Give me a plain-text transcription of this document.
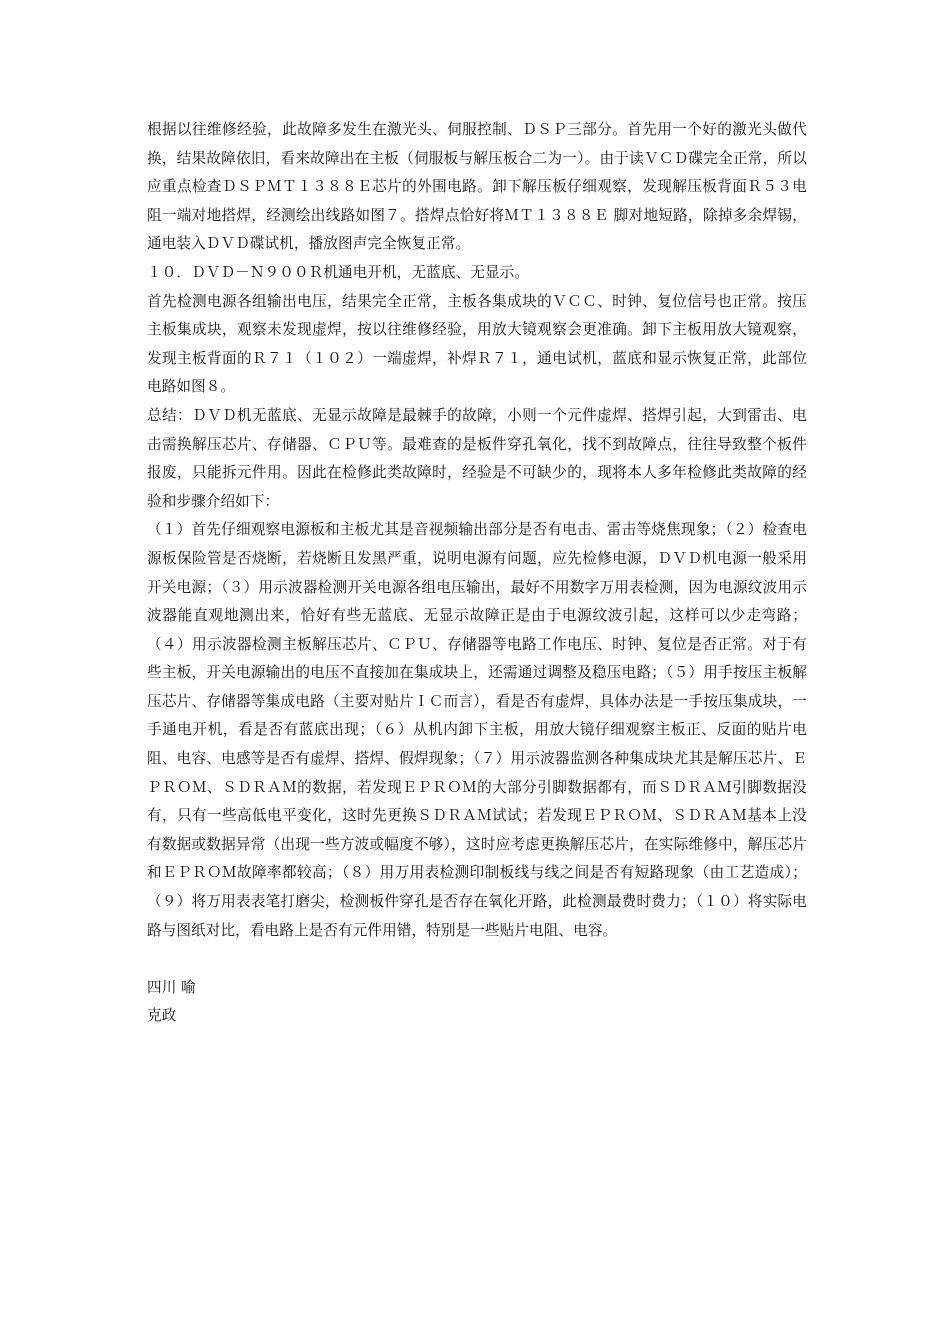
根据以往维修经验，此故障多发生在激光头、伺服控制、ＤＳＰ三部分。首先用一个好的激光头做代换，结果故障依旧，看来故障出在主板（伺服板与解压板合二为一）。由于读ＶＣＤ碟完全正常，所以应重点检查ＤＳＰＭＴ１３８８Ｅ芯片的外围电路。卸下解压板仔细观察，发现解压板背面Ｒ５３电阻一端对地搭焊，经测绘出线路如图７。搭焊点恰好将ＭＴ１３８８Ｅ 脚对地短路，除掉多余焊锡，通电装入ＤＶＤ碟试机，播放图声完全恢复正常。

１０．ＤＶＤ－Ｎ９００Ｒ机通电开机，无蓝底、无显示。

首先检测电源各组输出电压，结果完全正常，主板各集成块的ＶＣＣ、时钟、复位信号也正常。按压主板集成块，观察未发现虚焊，按以往维修经验，用放大镜观察会更准确。卸下主板用放大镜观察，发现主板背面的Ｒ７１（１０２）一端虚焊，补焊Ｒ７１，通电试机，蓝底和显示恢复正常，此部位电路如图８。

总结：ＤＶＤ机无蓝底、无显示故障是最棘手的故障，小则一个元件虚焊、搭焊引起，大到雷击、电击需换解压芯片、存储器、ＣＰＵ等。最难查的是板件穿孔氧化，找不到故障点，往往导致整个板件报废，只能拆元件用。因此在检修此类故障时，经验是不可缺少的，现将本人多年检修此类故障的经验和步骤介绍如下：

（１）首先仔细观察电源板和主板尤其是音视频输出部分是否有电击、雷击等烧焦现象；（２）检查电源板保险管是否烧断，若烧断且发黑严重，说明电源有问题，应先检修电源，ＤＶＤ机电源一般采用开关电源；（３）用示波器检测开关电源各组电压输出，最好不用数字万用表检测，因为电源纹波用示波器能直观地测出来，恰好有些无蓝底、无显示故障正是由于电源纹波引起，这样可以少走弯路；（４）用示波器检测主板解压芯片、ＣＰＵ、存储器等电路工作电压、时钟、复位是否正常。对于有些主板，开关电源输出的电压不直接加在集成块上，还需通过调整及稳压电路；（５）用手按压主板解压芯片、存储器等集成电路（主要对贴片ＩＣ而言），看是否有虚焊，具体办法是一手按压集成块，一手通电开机，看是否有蓝底出现；（６）从机内卸下主板，用放大镜仔细观察主板正、反面的贴片电阻、电容、电感等是否有虚焊、搭焊、假焊现象；（７）用示波器监测各种集成块尤其是解压芯片、ＥＰＲＯＭ、ＳＤＲＡＭ的数据，若发现ＥＰＲＯＭ的大部分引脚数据都有，而ＳＤＲＡＭ引脚数据没有，只有一些高低电平变化，这时先更换ＳＤＲＡＭ试试；若发现ＥＰＲＯＭ、ＳＤＲＡＭ基本上没有数据或数据异常（出现一些方波或幅度不够），这时应考虑更换解压芯片，在实际维修中，解压芯片和ＥＰＲＯＭ故障率都较高；（８）用万用表检测印制板线与线之间是否有短路现象（由工艺造成）；（９）将万用表表笔打磨尖，检测板件穿孔是否存在氧化开路，此检测最费时费力；（１０）将实际电路与图纸对比，看电路上是否有元件用错，特别是一些贴片电阻、电容。

四川 喻

克政
